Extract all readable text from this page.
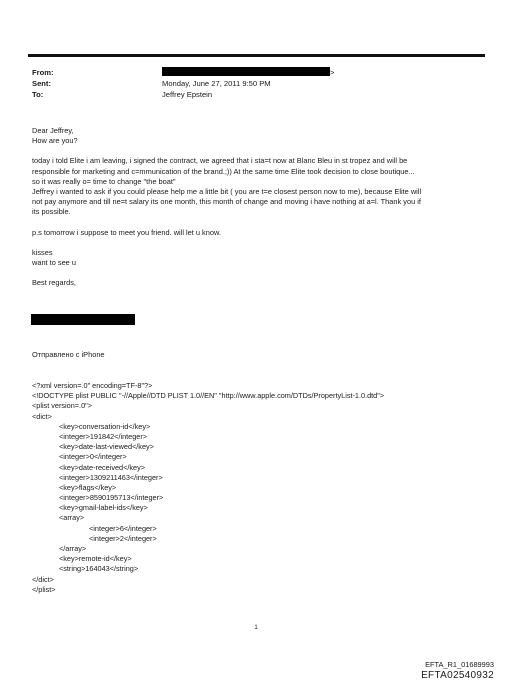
From:	>
Sent:	Monday, June 27, 2011 9:50 PM
To:	Jeffrey Epstein

Dear Jeffrey,

How are you?

today i told Elite i am leaving, i signed the contract, we agreed that i sta=t now at Blanc Bleu in st tropez and will be

responsible for marketing and c=mmunication of the brand.;)) At the same time Elite took decision to close boutique...

so it was really o= time to change "the boat"

Jeffrey i wanted to ask if you could please help me a little bit ( you are t=e closest person now to me), because Elite will

not pay anymore and till ne=t salary its one month, this month of change and moving i have nothing at a=l. Thank you if

its possible.

p.s tomorrow i suppose to meet you friend. will let u know.

kisses

want to see u

Best regards,

Отправлено с iPhone
<?xml version=.0" encoding=TF-8"?>
<!DOCTYPE plist PUBLIC "-//Apple//DTD PLIST 1.0//EN" "http://www.apple.com/DTDs/PropertyList-1.0.dtd">
<plist version=.0">
<dict>
<key>conversation-id</key>
<integer>191842</integer>
<key>date-last-viewed</key>
<integer>0</integer>
<key>date-received</key>
<integer>1309211463</integer>
<key>flags</key>
<integer>8590195713</integer>
<key>gmail-label-ids</key>
<array>
<integer>6</integer>
<integer>2</integer>
</array>
<key>remote-id</key>
<string>164043</string>
</dict>
</plist>
1
EFTA_R1_01689993
EFTA02540932
